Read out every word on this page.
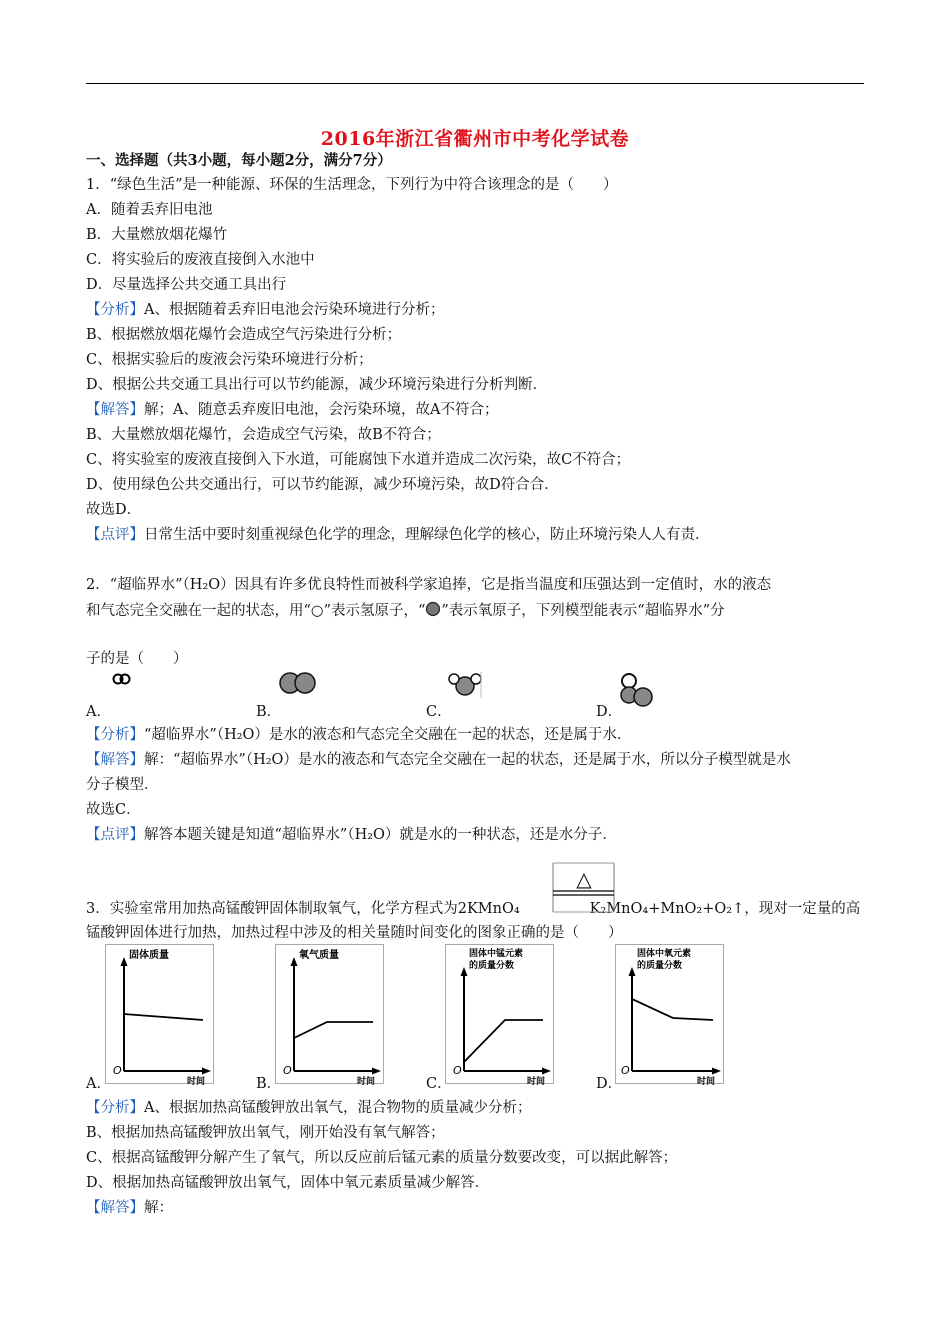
2016年浙江省衢州市中考化学试卷
一、选择题（共3小题，每小题2分，满分7分）
1．“绿色生活”是一种能源、环保的生活理念，下列行为中符合该理念的是（　　）
A．随着丢弃旧电池
B．大量燃放烟花爆竹
C．将实验后的废液直接倒入水池中
D．尽量选择公共交通工具出行
【分析】A、根据随着丢弃旧电池会污染环境进行分析；
B、根据燃放烟花爆竹会造成空气污染进行分析；
C、根据实验后的废液会污染环境进行分析；
D、根据公共交通工具出行可以节约能源，减少环境污染进行分析判断．
【解答】解；A、随意丢弃废旧电池，会污染环境，故A不符合；
B、大量燃放烟花爆竹，会造成空气污染，故B不符合；
C、将实验室的废液直接倒入下水道，可能腐蚀下水道并造成二次污染，故C不符合；
D、使用绿色公共交通出行，可以节约能源，减少环境污染，故D符合合．
故选D．
【点评】日常生活中要时刻重视绿色化学的理念，理解绿色化学的核心，防止环境污染人人有责．
2．“超临界水”（H₂O）因具有许多优良特性而被科学家追捧，它是指当温度和压强达到一定值时，水的液态
和气态完全交融在一起的状态，用“○”表示氢原子，“ ”表示氧原子，下列模型能表示“超临界水”分
子的是（　　）
A．	B．	C．	D．
【分析】“超临界水”（H₂O）是水的液态和气态完全交融在一起的状态，还是属于水．
【解答】解：“超临界水”（H₂O）是水的液态和气态完全交融在一起的状态，还是属于水，所以分子模型就是水
分子模型．
故选C．
【点评】解答本题关键是知道“超临界水”（H₂O）就是水的一种状态，还是水分子．
3．实验室常用加热高锰酸钾固体制取氧气，化学方程式为2KMnO₄	K₂MnO₄+MnO₂+O₂↑，现对一定量的高
△
锰酸钾固体进行加热，加热过程中涉及的相关量随时间变化的图象正确的是（　　）
固体质量
O
时间
氧气质量
O
时间
固体中锰元素
的质量分数
O
时间
固体中氧元素
的质量分数
O
时间
A．	B．	C．	D．
【分析】A、根据加热高锰酸钾放出氧气，混合物物的质量减少分析；
B、根据加热高锰酸钾放出氧气，刚开始没有氧气解答；
C、根据高锰酸钾分解产生了氧气，所以反应前后锰元素的质量分数要改变，可以据此解答；
D、根据加热高锰酸钾放出氧气，固体中氧元素质量减少解答．
【解答】解：
